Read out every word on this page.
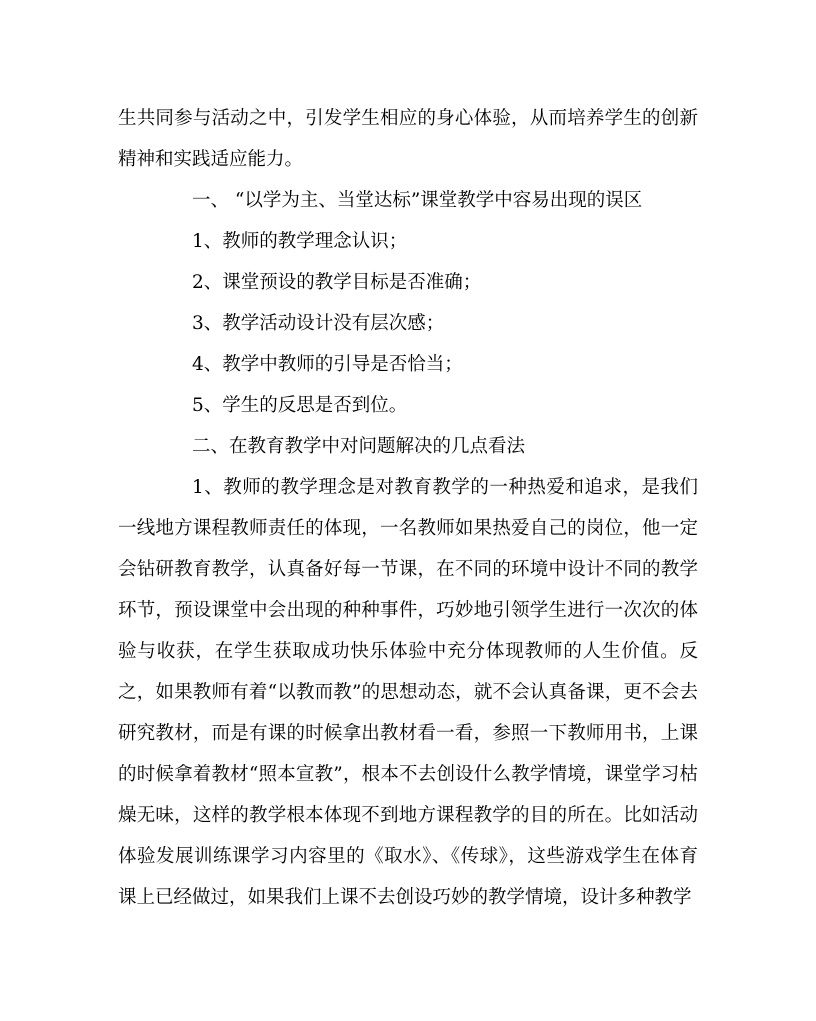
生共同参与活动之中，引发学生相应的身心体验，从而培养学生的创新精神和实践适应能力。

一、 “以学为主、当堂达标”课堂教学中容易出现的误区

1、教师的教学理念认识；

2、课堂预设的教学目标是否准确；

3、教学活动设计没有层次感；

4、教学中教师的引导是否恰当；

5、学生的反思是否到位。

二、在教育教学中对问题解决的几点看法

1、教师的教学理念是对教育教学的一种热爱和追求，是我们一线地方课程教师责任的体现，一名教师如果热爱自己的岗位，他一定会钻研教育教学，认真备好每一节课，在不同的环境中设计不同的教学环节，预设课堂中会出现的种种事件，巧妙地引领学生进行一次次的体验与收获，在学生获取成功快乐体验中充分体现教师的人生价值。反之，如果教师有着“以教而教”的思想动态，就不会认真备课，更不会去研究教材，而是有课的时候拿出教材看一看，参照一下教师用书，上课的时候拿着教材“照本宣教”，根本不去创设什么教学情境，课堂学习枯燥无味，这样的教学根本体现不到地方课程教学的目的所在。比如活动体验发展训练课学习内容里的《取水》、《传球》，这些游戏学生在体育课上已经做过，如果我们上课不去创设巧妙的教学情境，设计多种教学
